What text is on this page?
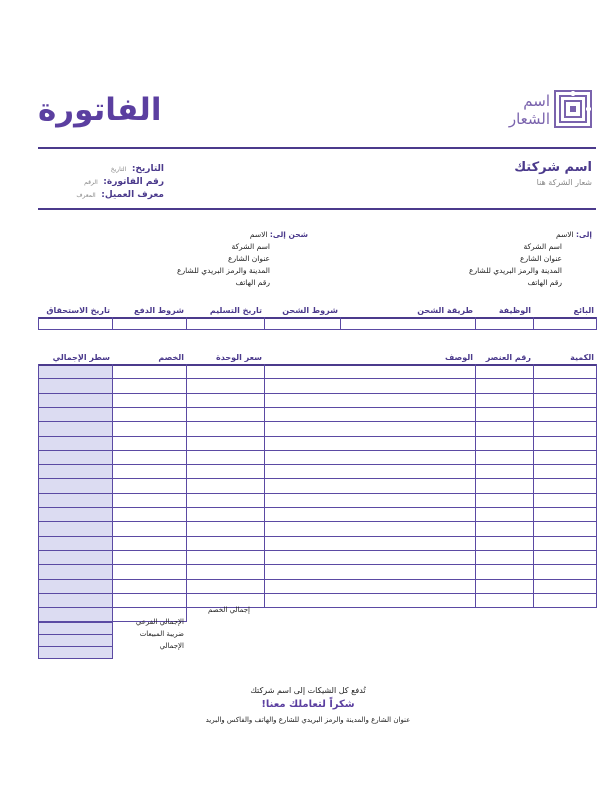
الفاتورة	اسم
الشعار
اسم شركتك
شعار الشركة هنا
التاريخ: التاريخ
رقم الفاتورة: الرقم
معرف العميل: المعرف
إلى: الاسم
اسم الشركة
عنوان الشارع
المدينة والرمز البريدي للشارع
رقم الهاتف
شحن إلى: الاسم
اسم الشركة
عنوان الشارع
المدينة والرمز البريدي للشارع
رقم الهاتف
البائع
الوظيفة
طريقة الشحن
شروط الشحن
تاريخ التسليم
شروط الدفع
تاريخ الاستحقاق
الكمية
رقم العنصر
الوصف
سعر الوحدة
الخصم
سطر الإجمالي
إجمالي الخصم
الإجمالي الفرعي
ضريبة المبيعات
الإجمالي
تُدفع كل الشيكات إلى اسم شركتك
شكراً لتعاملك معنا!
عنوان الشارع والمدينة والرمز البريدي للشارع والهاتف والفاكس والبريد
